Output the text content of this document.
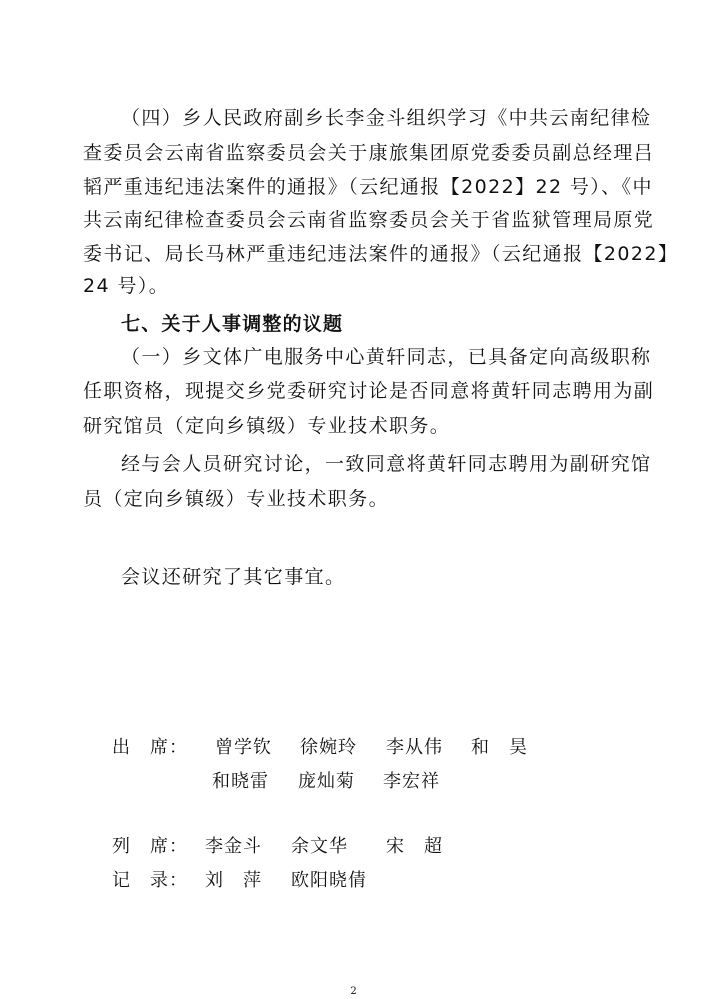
（四）乡人民政府副乡长李金斗组织学习《中共云南纪律检
查委员会云南省监察委员会关于康旅集团原党委委员副总经理吕
韬严重违纪违法案件的通报》（云纪通报【2022】22 号）、《中
共云南纪律检查委员会云南省监察委员会关于省监狱管理局原党
委书记、局长马林严重违纪违法案件的通报》（云纪通报【2022】
24 号）。
七、关于人事调整的议题
（一）乡文体广电服务中心黄轩同志，已具备定向高级职称
任职资格，现提交乡党委研究讨论是否同意将黄轩同志聘用为副
研究馆员（定向乡镇级）专业技术职务。
经与会人员研究讨论，一致同意将黄轩同志聘用为副研究馆
员（定向乡镇级）专业技术职务。
会议还研究了其它事宜。
出　席： 曾学钦 徐婉玲 李从伟 和　昊
和晓雷 庞灿菊 李宏祥
列　席： 李金斗 余文华 宋　超
记　录： 刘　萍 欧阳晓倩
2
